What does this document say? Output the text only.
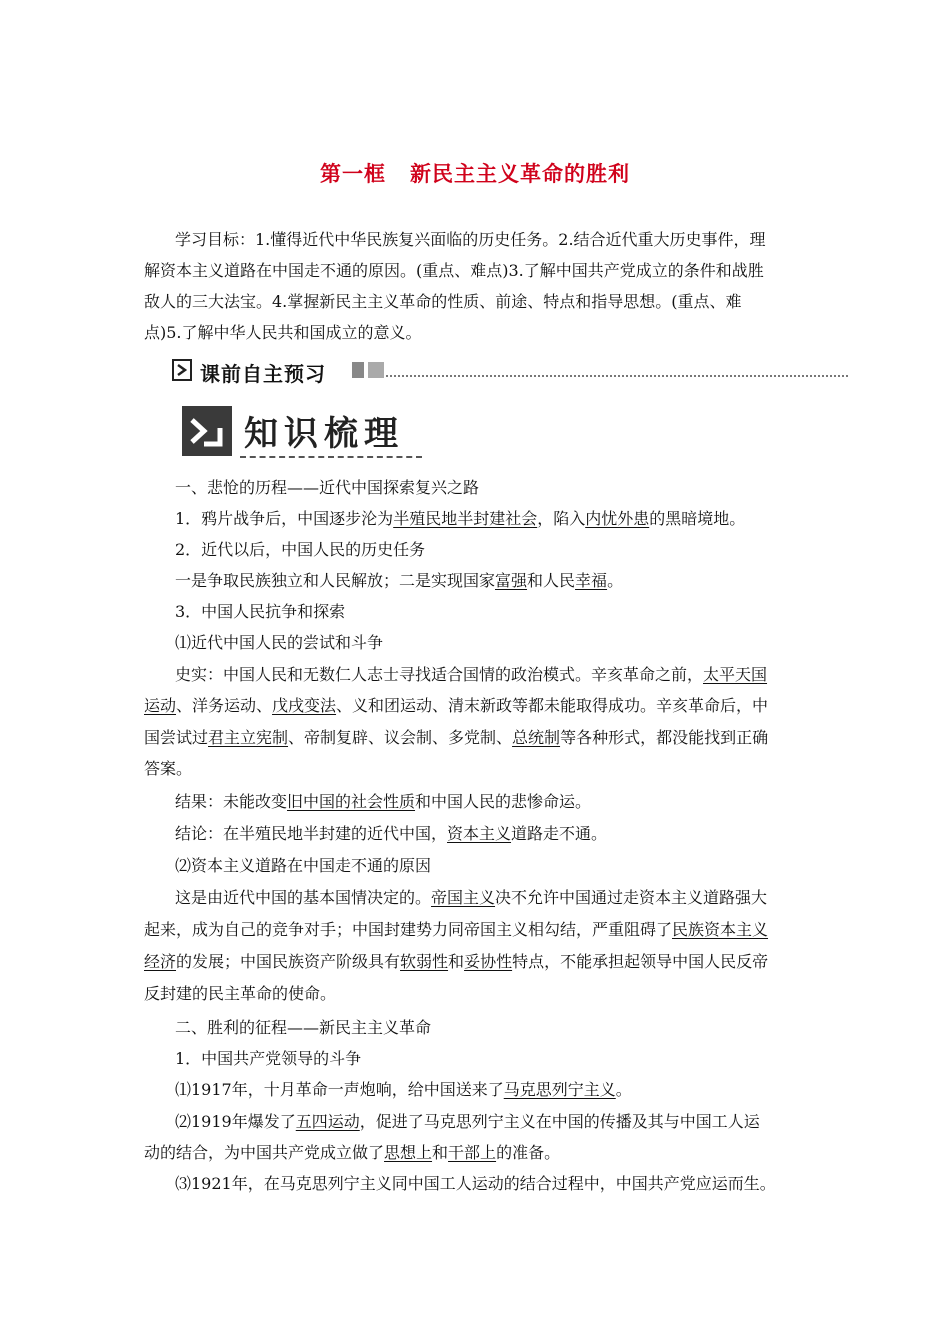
第一框 新民主主义革命的胜利
学习目标：1.懂得近代中华民族复兴面临的历史任务。2.结合近代重大历史事件，理
解资本主义道路在中国走不通的原因。(重点、难点)3.了解中国共产党成立的条件和战胜
敌人的三大法宝。4.掌握新民主主义革命的性质、前途、特点和指导思想。(重点、难
点)5.了解中华人民共和国成立的意义。
课前自主预习
知识梳理
一、悲怆的历程——近代中国探索复兴之路
1．鸦片战争后，中国逐步沦为半殖民地半封建社会，陷入内忧外患的黑暗境地。
2．近代以后，中国人民的历史任务
一是争取民族独立和人民解放；二是实现国家富强和人民幸福。
3．中国人民抗争和探索
⑴近代中国人民的尝试和斗争
史实：中国人民和无数仁人志士寻找适合国情的政治模式。辛亥革命之前，太平天国
运动、洋务运动、戊戌变法、义和团运动、清末新政等都未能取得成功。辛亥革命后，中
国尝试过君主立宪制、帝制复辟、议会制、多党制、总统制等各种形式，都没能找到正确
答案。
结果：未能改变旧中国的社会性质和中国人民的悲惨命运。
结论：在半殖民地半封建的近代中国，资本主义道路走不通。
⑵资本主义道路在中国走不通的原因
这是由近代中国的基本国情决定的。帝国主义决不允许中国通过走资本主义道路强大
起来，成为自己的竞争对手；中国封建势力同帝国主义相勾结，严重阻碍了民族资本主义
经济的发展；中国民族资产阶级具有软弱性和妥协性特点，不能承担起领导中国人民反帝
反封建的民主革命的使命。
二、胜利的征程——新民主主义革命
1．中国共产党领导的斗争
⑴1917年，十月革命一声炮响，给中国送来了马克思列宁主义。
⑵1919年爆发了五四运动，促进了马克思列宁主义在中国的传播及其与中国工人运
动的结合，为中国共产党成立做了思想上和干部上的准备。
⑶1921年，在马克思列宁主义同中国工人运动的结合过程中，中国共产党应运而生。
